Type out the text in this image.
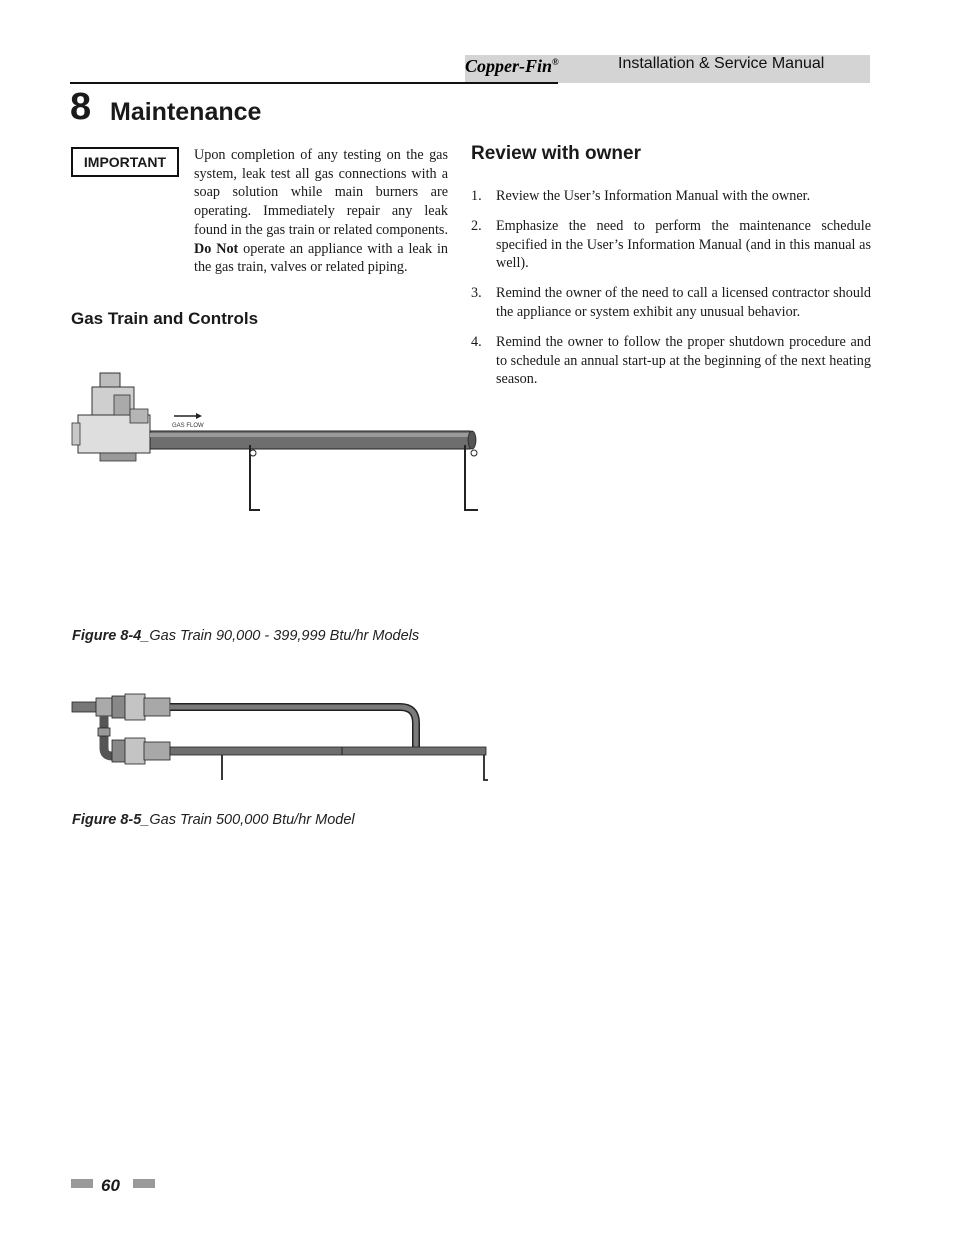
Copper-Fin®	Installation & Service Manual
8 Maintenance
IMPORTANT	Upon completion of any testing on the gas system, leak test all gas connections with a soap solution while main burners are operating. Immediately repair any leak found in the gas train or related components. Do Not operate an appliance with a leak in the gas train, valves or related piping.
Gas Train and Controls
GAS FLOW
Figure 8-4_Gas Train 90,000 - 399,999 Btu/hr Models
Figure 8-5_Gas Train 500,000 Btu/hr Model
Review with owner
1. Review the User’s Information Manual with the owner.
2. Emphasize the need to perform the maintenance schedule specified in the User’s Information Manual (and in this manual as well).
3. Remind the owner of the need to call a licensed contractor should the appliance or system exhibit any unusual behavior.
4. Remind the owner to follow the proper shutdown procedure and to schedule an annual start-up at the beginning of the next heating season.
60
